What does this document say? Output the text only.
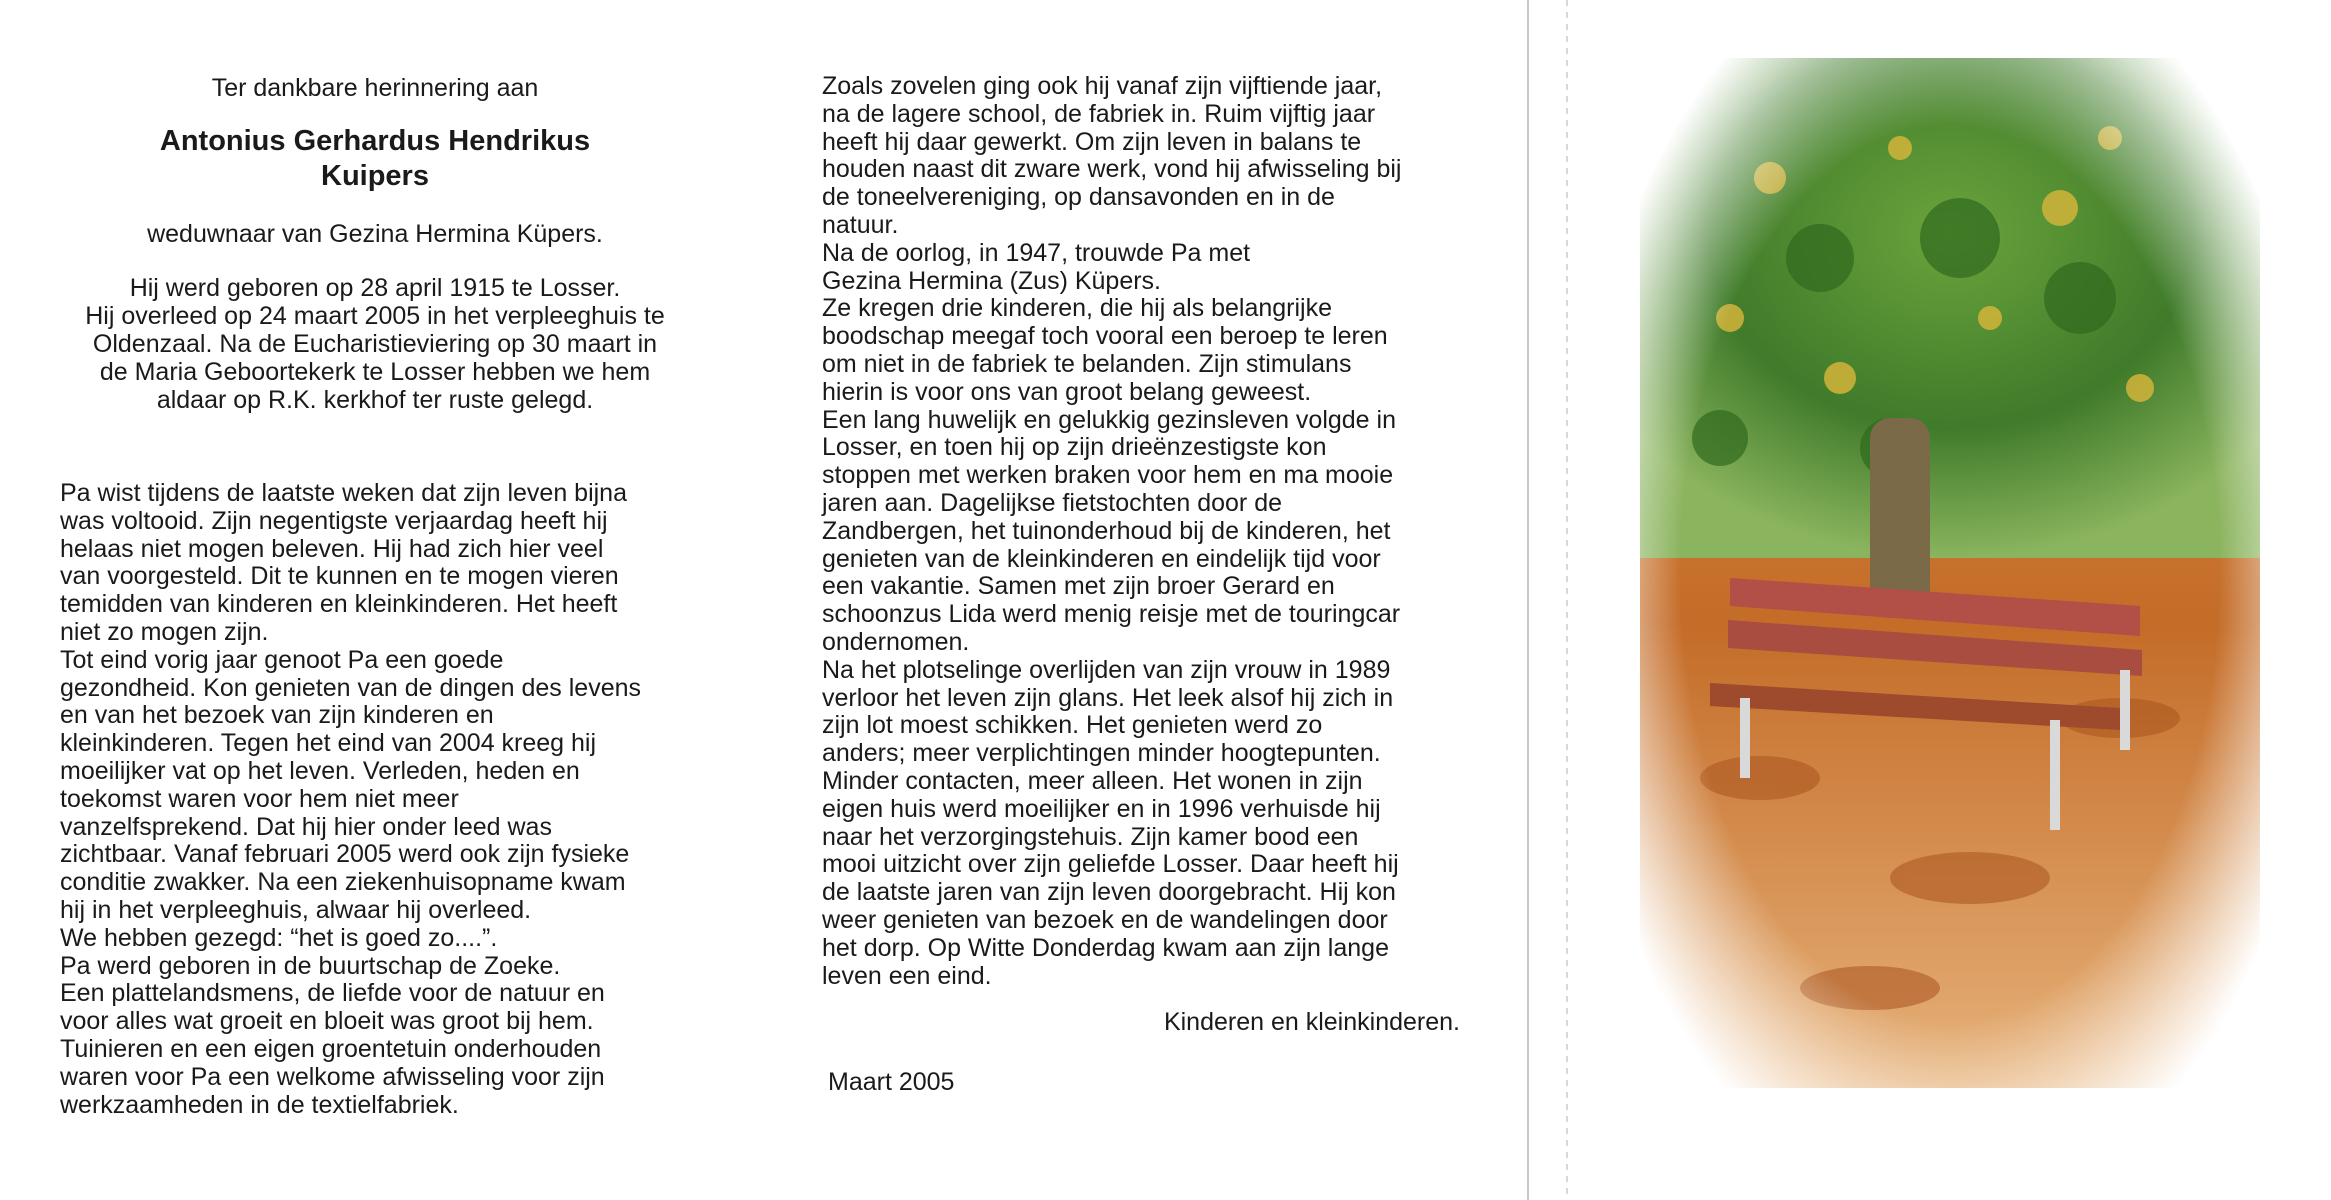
Ter dankbare herinnering aan

Antonius Gerhardus Hendrikus
Kuipers

weduwnaar van Gezina Hermina Küpers.

Hij werd geboren op 28 april 1915 te Losser.

Hij overleed op 24 maart 2005 in het verpleeghuis te

Oldenzaal. Na de Eucharistieviering op 30 maart in

de Maria Geboortekerk te Losser hebben we hem

aldaar op R.K. kerkhof ter ruste gelegd.

Pa wist tijdens de laatste weken dat zijn leven bijna

was voltooid. Zijn negentigste verjaardag heeft hij

helaas niet mogen beleven. Hij had zich hier veel

van voorgesteld. Dit te kunnen en te mogen vieren

temidden van kinderen en kleinkinderen. Het heeft

niet zo mogen zijn.

Tot eind vorig jaar genoot Pa een goede

gezondheid. Kon genieten van de dingen des levens

en van het bezoek van zijn kinderen en

kleinkinderen. Tegen het eind van 2004 kreeg hij

moeilijker vat op het leven. Verleden, heden en

toekomst waren voor hem niet meer

vanzelfsprekend. Dat hij hier onder leed was

zichtbaar. Vanaf februari 2005 werd ook zijn fysieke

conditie zwakker. Na een ziekenhuisopname kwam

hij in het verpleeghuis, alwaar hij overleed.

We hebben gezegd: “het is goed zo....”.

Pa werd geboren in de buurtschap de Zoeke.

Een plattelandsmens, de liefde voor de natuur en

voor alles wat groeit en bloeit was groot bij hem.

Tuinieren en een eigen groentetuin onderhouden

waren voor Pa een welkome afwisseling voor zijn

werkzaamheden in de textielfabriek.

Zoals zovelen ging ook hij vanaf zijn vijftiende jaar,

na de lagere school, de fabriek in. Ruim vijftig jaar

heeft hij daar gewerkt. Om zijn leven in balans te

houden naast dit zware werk, vond hij afwisseling bij

de toneelvereniging, op dansavonden en in de

natuur.

Na de oorlog, in 1947, trouwde Pa met

Gezina Hermina (Zus) Küpers.

Ze kregen drie kinderen, die hij als belangrijke

boodschap meegaf toch vooral een beroep te leren

om niet in de fabriek te belanden. Zijn stimulans

hierin is voor ons van groot belang geweest.

Een lang huwelijk en gelukkig gezinsleven volgde in

Losser, en toen hij op zijn drieënzestigste kon

stoppen met werken braken voor hem en ma mooie

jaren aan. Dagelijkse fietstochten door de

Zandbergen, het tuinonderhoud bij de kinderen, het

genieten van de kleinkinderen en eindelijk tijd voor

een vakantie. Samen met zijn broer Gerard en

schoonzus Lida werd menig reisje met de touringcar

ondernomen.

Na het plotselinge overlijden van zijn vrouw in 1989

verloor het leven zijn glans. Het leek alsof hij zich in

zijn lot moest schikken. Het genieten werd zo

anders; meer verplichtingen minder hoogtepunten.

Minder contacten, meer alleen. Het wonen in zijn

eigen huis werd moeilijker en in 1996 verhuisde hij

naar het verzorgingstehuis. Zijn kamer bood een

mooi uitzicht over zijn geliefde Losser. Daar heeft hij

de laatste jaren van zijn leven doorgebracht. Hij kon

weer genieten van bezoek en de wandelingen door

het dorp. Op Witte Donderdag kwam aan zijn lange

leven een eind.

Kinderen en kleinkinderen.
Maart 2005
